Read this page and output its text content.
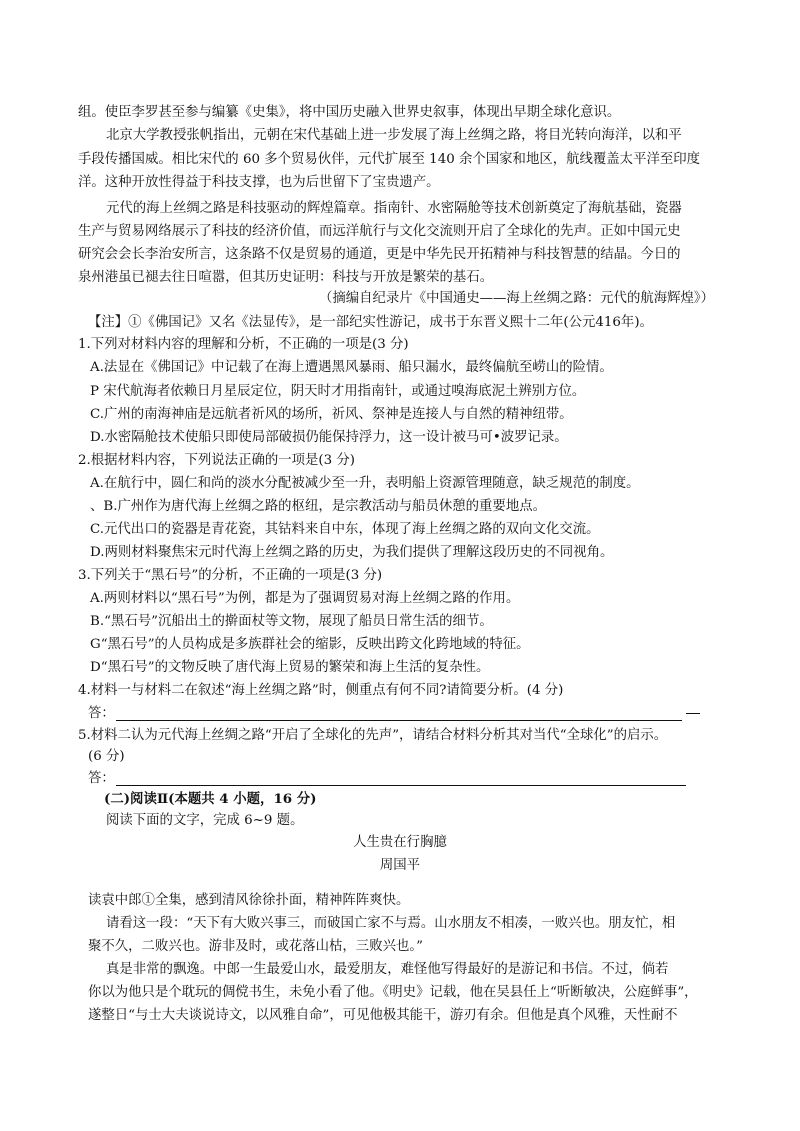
组。使臣李罗甚至参与编纂《史集》，将中国历史融入世界史叙事，体现出早期全球化意识。
北京大学教授张帆指出，元朝在宋代基础上进一步发展了海上丝绸之路，将目光转向海洋，以和平
手段传播国威。相比宋代的 60 多个贸易伙伴，元代扩展至 140 余个国家和地区，航线覆盖太平洋至印度
洋。这种开放性得益于科技支撑，也为后世留下了宝贵遗产。
元代的海上丝绸之路是科技驱动的辉煌篇章。指南针、水密隔舱等技术创新奠定了海航基础，瓷器
生产与贸易网络展示了科技的经济价值，而远洋航行与文化交流则开启了全球化的先声。正如中国元史
研究会会长李治安所言，这条路不仅是贸易的通道，更是中华先民开拓精神与科技智慧的结晶。今日的
泉州港虽已褪去往日喧嚣，但其历史证明：科技与开放是繁荣的基石。
（摘编自纪录片《中国通史——海上丝绸之路：元代的航海辉煌》）
【注】①《佛国记》又名《法显传》，是一部纪实性游记，成书于东晋义熙十二年(公元416年)。
1.下列对材料内容的理解和分析，不正确的一项是(3 分)
A.法显在《佛国记》中记载了在海上遭遇黑风暴雨、船只漏水，最终偏航至崂山的险情。
P 宋代航海者依赖日月星辰定位，阴天时才用指南针，或通过嗅海底泥土辨别方位。
C.广州的南海神庙是远航者祈风的场所，祈风、祭神是连接人与自然的精神纽带。
D.水密隔舱技术使船只即使局部破损仍能保持浮力，这一设计被马可•波罗记录。
2.根据材料内容，下列说法正确的一项是(3 分)
A.在航行中，圆仁和尚的淡水分配被减少至一升，表明船上资源管理随意，缺乏规范的制度。
、B.广州作为唐代海上丝绸之路的枢纽，是宗教活动与船员休憩的重要地点。
C.元代出口的瓷器是青花瓷，其钴料来自中东，体现了海上丝绸之路的双向文化交流。
D.两则材料聚焦宋元时代海上丝绸之路的历史，为我们提供了理解这段历史的不同视角。
3.下列关于“黑石号”的分析，不正确的一项是(3 分)
A.两则材料以“黑石号”为例，都是为了强调贸易对海上丝绸之路的作用。
B.“黑石号”沉船出土的擀面杖等文物，展现了船员日常生活的细节。
G“黑石号”的人员构成是多族群社会的缩影，反映出跨文化跨地域的特征。
D“黑石号”的文物反映了唐代海上贸易的繁荣和海上生活的复杂性。
4.材料一与材料二在叙述“海上丝绸之路”时，侧重点有何不同?请简要分析。(4 分)
答：
5.材料二认为元代海上丝绸之路“开启了全球化的先声”，请结合材料分析其对当代“全球化”的启示。
(6 分)
答：
(二)阅读Ⅱ(本题共 4 小题，16 分)
阅读下面的文字，完成 6~9 题。
人生贵在行胸臆
周国平
读袁中郎①全集，感到清风徐徐扑面，精神阵阵爽快。
请看这一段：“天下有大败兴事三，而破国亡家不与焉。山水朋友不相凑，一败兴也。朋友忙，相
聚不久，二败兴也。游非及时，或花落山枯，三败兴也。”
真是非常的飘逸。中郎一生最爱山水，最爱朋友，难怪他写得最好的是游记和书信。不过，倘若
你以为他只是个耽玩的倜傥书生，未免小看了他。《明史》记载，他在吴县任上“听断敏决，公庭鲜事”，
遂整日“与士大夫谈说诗文，以风雅自命”，可见他极其能干，游刃有余。但他是真个风雅，天性耐不
